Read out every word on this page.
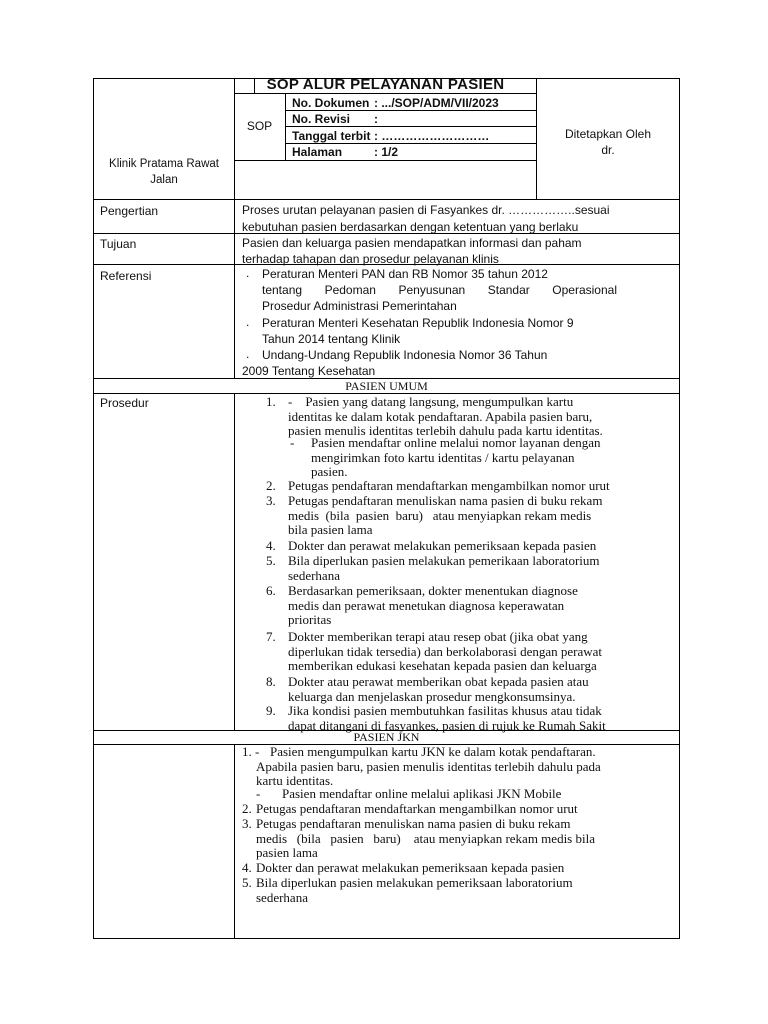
SOP ALUR PELAYANAN PASIEN
SOP
No. Dokumen : .../SOP/ADM/VII/2023
No. Revisi :
Tanggal terbit : ………………………
Halaman	: 1/2
Ditetapkan Oleh
dr.
Klinik Pratama Rawat
Jalan
Pengertian	Proses urutan pelayanan pasien di Fasyankes dr. ……………..sesuai
kebutuhan pasien berdasarkan dengan ketentuan yang berlaku
Tujuan	Pasien dan keluarga pasien mendapatkan informasi dan paham
terhadap tahapan dan prosedur pelayanan klinis
Referensi	. Peraturan Menteri PAN dan RB Nomor 35 tahun 2012
tentang Pedoman Penyusunan Standar Operasional
Prosedur Administrasi Pemerintahan
. Peraturan Menteri Kesehatan Republik Indonesia Nomor 9
Tahun 2014 tentang Klinik
. Undang-Undang Republik Indonesia Nomor 36 Tahun
2009 Tentang Kesehatan
PASIEN UMUM
Prosedur	1. -    Pasien yang datang langsung, mengumpulkan kartu
identitas ke dalam kotak pendaftaran. Apabila pasien baru,
pasien menulis identitas terlebih dahulu pada kartu identitas.
- Pasien mendaftar online melalui nomor layanan dengan
mengirimkan foto kartu identitas / kartu pelayanan
pasien.
2. Petugas pendaftaran mendaftarkan mengambilkan nomor urut
3. Petugas pendaftaran menuliskan nama pasien di buku rekam
medis  (bila  pasien  baru)   atau menyiapkan rekam medis
bila pasien lama
4. Dokter dan perawat melakukan pemeriksaan kepada pasien
5. Bila diperlukan pasien melakukan pemerikaan laboratorium
sederhana
6. Berdasarkan pemeriksaan, dokter menentukan diagnose
medis dan perawat menetukan diagnosa keperawatan
prioritas
7. Dokter memberikan terapi atau resep obat (jika obat yang
diperlukan tidak tersedia) dan berkolaborasi dengan perawat
memberikan edukasi kesehatan kepada pasien dan keluarga
8. Dokter atau perawat memberikan obat kepada pasien atau
keluarga dan menjelaskan prosedur mengkonsumsinya.
9. Jika kondisi pasien membutuhkan fasilitas khusus atau tidak
dapat ditangani di fasyankes, pasien di rujuk ke Rumah Sakit
PASIEN JKN
1. - Pasien mengumpulkan kartu JKN ke dalam kotak pendaftaran.
Apabila pasien baru, pasien menulis identitas terlebih dahulu pada
kartu identitas.
- Pasien mendaftar online melalui aplikasi JKN Mobile
2. Petugas pendaftaran mendaftarkan mengambilkan nomor urut
3. Petugas pendaftaran menuliskan nama pasien di buku rekam
medis   (bila   pasien   baru)    atau menyiapkan rekam medis bila
pasien lama
4. Dokter dan perawat melakukan pemeriksaan kepada pasien
5. Bila diperlukan pasien melakukan pemeriksaan laboratorium
sederhana
